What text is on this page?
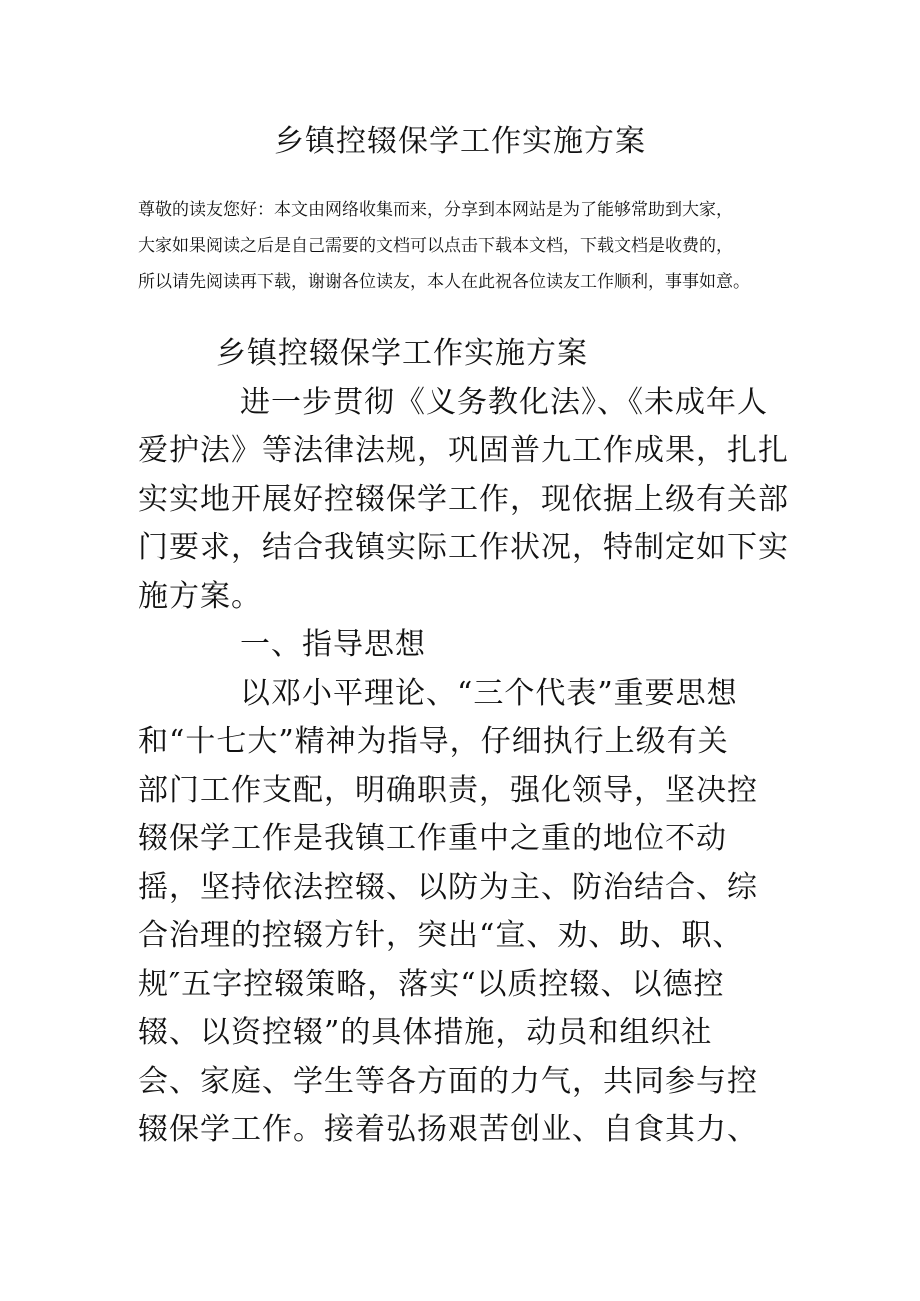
乡镇控辍保学工作实施方案
尊敬的读友您好：本文由网络收集而来，分享到本网站是为了能够常助到大家，
大家如果阅读之后是自己需要的文档可以点击下载本文档，下载文档是收费的，
所以请先阅读再下载，谢谢各位读友，本人在此祝各位读友工作顺利，事事如意。
乡镇控辍保学工作实施方案
进一步贯彻《义务教化法》、《未成年人
爱护法》等法律法规，巩固普九工作成果，扎扎
实实地开展好控辍保学工作，现依据上级有关部
门要求，结合我镇实际工作状况，特制定如下实
施方案。
一、指导思想
以邓小平理论、“三个代表”重要思想
和“十七大”精神为指导，仔细执行上级有关
部门工作支配，明确职责，强化领导，坚决控
辍保学工作是我镇工作重中之重的地位不动
摇，坚持依法控辍、以防为主、防治结合、综
合治理的控辍方针，突出“宣、劝、助、职、
规″五字控辍策略，落实“以质控辍、以德控
辍、以资控辍”的具体措施，动员和组织社
会、家庭、学生等各方面的力气，共同参与控
辍保学工作。接着弘扬艰苦创业、自食其力、
